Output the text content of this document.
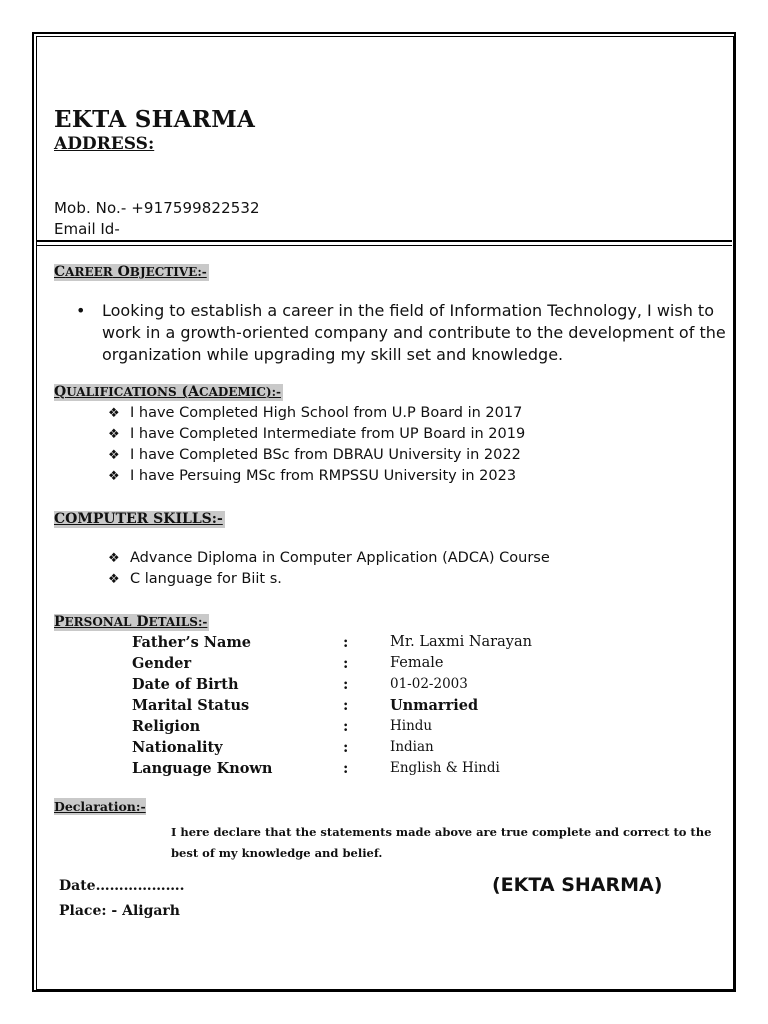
EKTA SHARMA
ADDRESS:
Mob. No.- +917599822532
Email Id-
CAREER OBJECTIVE:-
• Looking to establish a career in the field of Information Technology, I wish to work in a growth-oriented company and contribute to the development of the organization while upgrading my skill set and knowledge.
QUALIFICATIONS (ACADEMIC):-
❖ I have Completed High School from U.P Board in 2017
❖ I have Completed Intermediate from UP Board in 2019
❖ I have Completed BSc from DBRAU University in 2022
❖ I have Persuing MSc from RMPSSU University in 2023
COMPUTER SKILLS:-
❖ Advance Diploma in Computer Application (ADCA) Course
❖ C language for Biit s.
PERSONAL DETAILS:-
Father’s Name	:	Mr. Laxmi Narayan
Gender	:	Female
Date of Birth	:	01-02-2003
Marital Status	:	Unmarried
Religion	:	Hindu
Nationality	:	Indian
Language Known	:	English & Hindi
Declaration:-
I here declare that the statements made above are true complete and correct to the best of my knowledge and belief.
Date……………….
Place: - Aligarh
(EKTA SHARMA)
